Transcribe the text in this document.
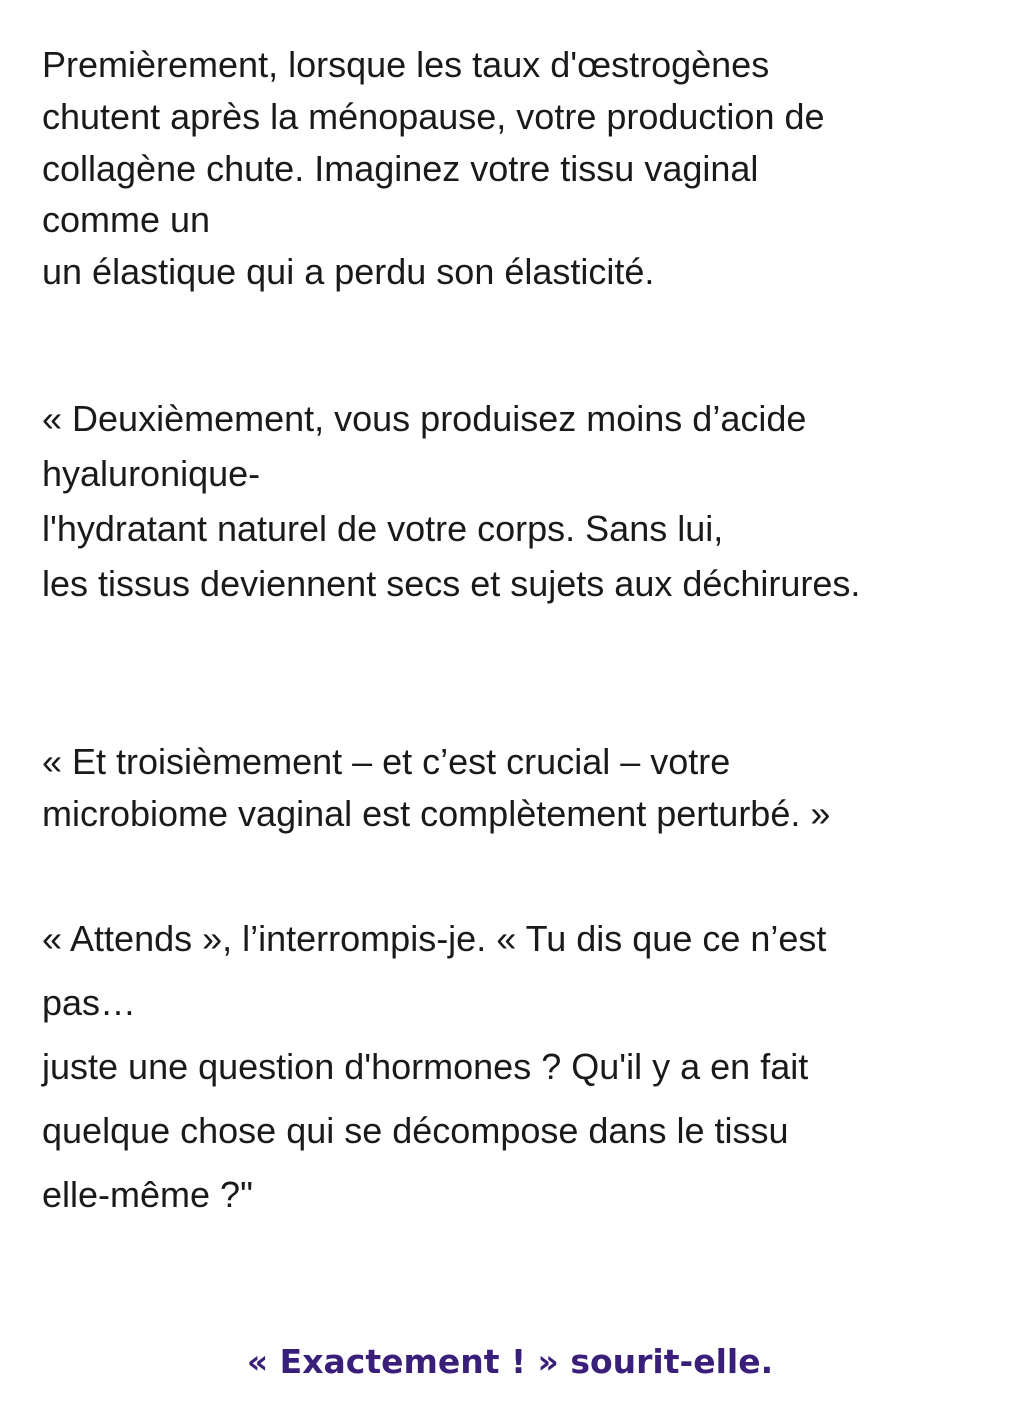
Premièrement, lorsque les taux d'œstrogènes
chutent après la ménopause, votre production de
collagène chute. Imaginez votre tissu vaginal
comme un
un élastique qui a perdu son élasticité.
« Deuxièmement, vous produisez moins d’acide
hyaluronique-
l'hydratant naturel de votre corps. Sans lui,
les tissus deviennent secs et sujets aux déchirures.
« Et troisièmement – et c’est crucial – votre
microbiome vaginal est complètement perturbé. »
« Attends », l’interrompis-je. « Tu dis que ce n’est
pas…
juste une question d'hormones ? Qu'il y a en fait
quelque chose qui se décompose dans le tissu
elle-même ?"
« Exactement ! » sourit-elle.
